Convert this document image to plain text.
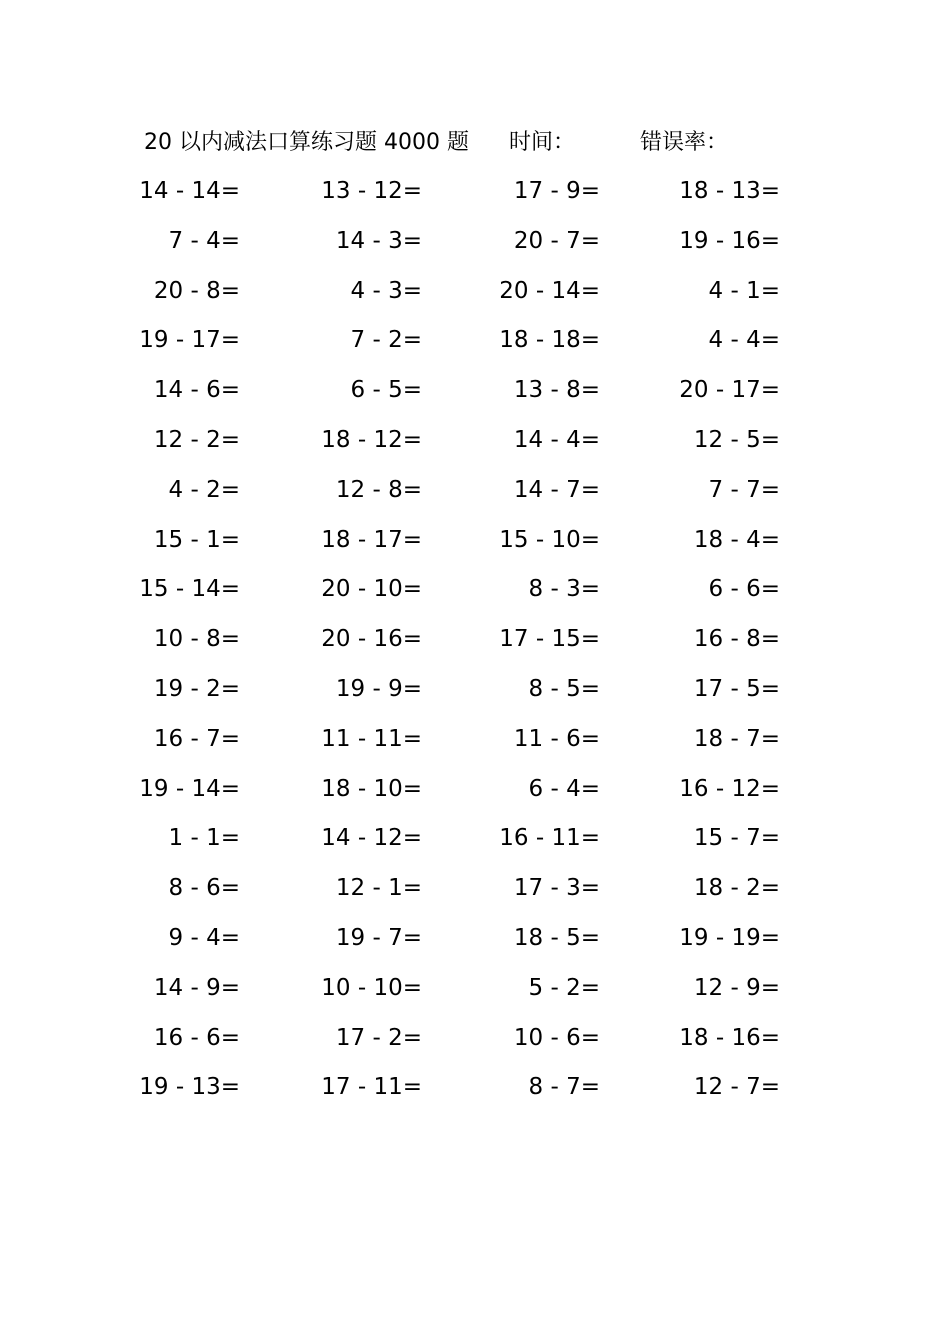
20 以内减法口算练习题 4000 题 时间：	错误率：
14 - 14=	13 - 12=	17 - 9=	18 - 13=
7 - 4=	14 - 3=	20 - 7=	19 - 16=
20 - 8=	4 - 3=	20 - 14=	4 - 1=
19 - 17=	7 - 2=	18 - 18=	4 - 4=
14 - 6=	6 - 5=	13 - 8=	20 - 17=
12 - 2=	18 - 12=	14 - 4=	12 - 5=
4 - 2=	12 - 8=	14 - 7=	7 - 7=
15 - 1=	18 - 17=	15 - 10=	18 - 4=
15 - 14=	20 - 10=	8 - 3=	6 - 6=
10 - 8=	20 - 16=	17 - 15=	16 - 8=
19 - 2=	19 - 9=	8 - 5=	17 - 5=
16 - 7=	11 - 11=	11 - 6=	18 - 7=
19 - 14=	18 - 10=	6 - 4=	16 - 12=
1 - 1=	14 - 12=	16 - 11=	15 - 7=
8 - 6=	12 - 1=	17 - 3=	18 - 2=
9 - 4=	19 - 7=	18 - 5=	19 - 19=
14 - 9=	10 - 10=	5 - 2=	12 - 9=
16 - 6=	17 - 2=	10 - 6=	18 - 16=
19 - 13=	17 - 11=	8 - 7=	12 - 7=
